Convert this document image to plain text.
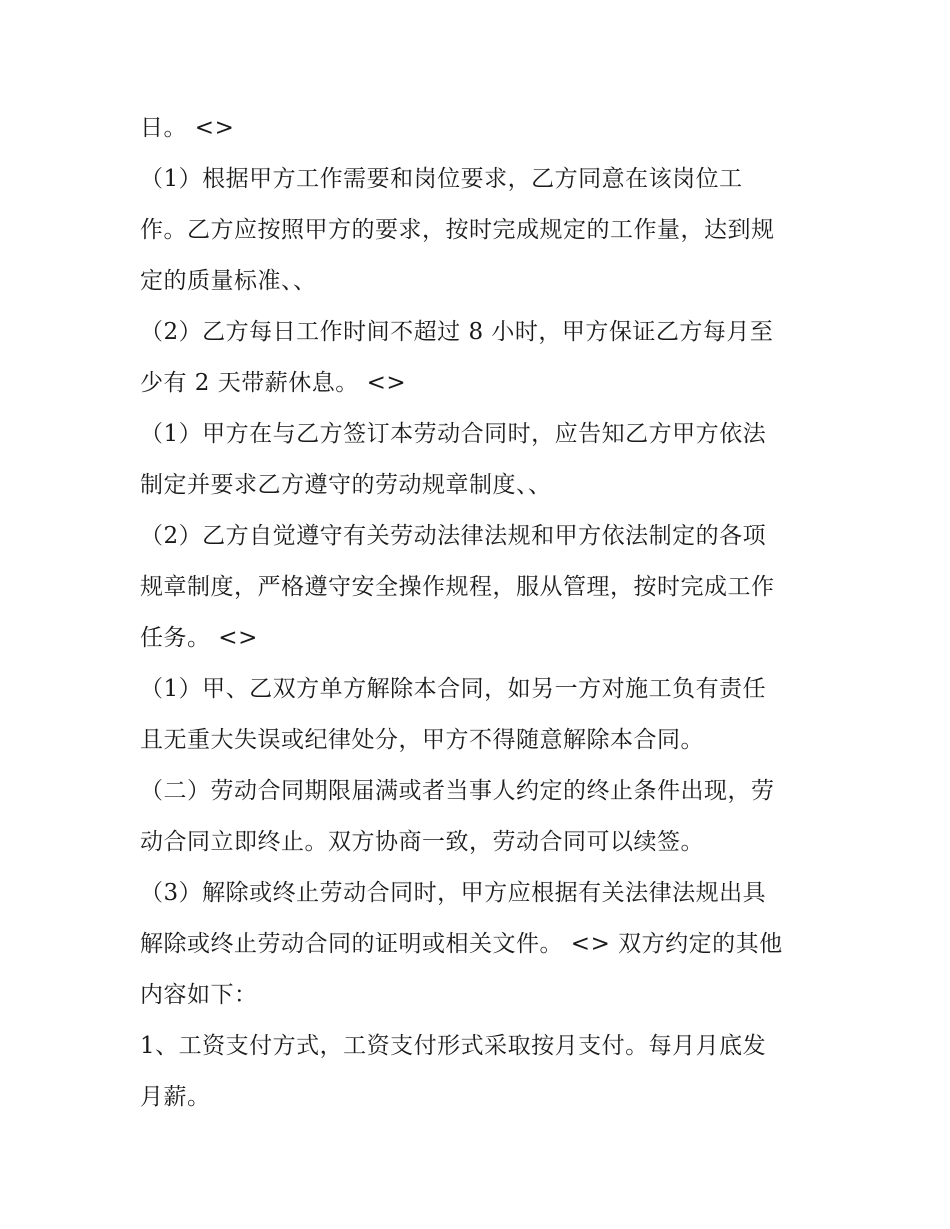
日。 <>
（1）根据甲方工作需要和岗位要求，乙方同意在该岗位工
作。乙方应按照甲方的要求，按时完成规定的工作量，达到规
定的质量标准、、
（2）乙方每日工作时间不超过 8 小时，甲方保证乙方每月至
少有 2 天带薪休息。 <>
（1）甲方在与乙方签订本劳动合同时，应告知乙方甲方依法
制定并要求乙方遵守的劳动规章制度、、
（2）乙方自觉遵守有关劳动法律法规和甲方依法制定的各项
规章制度，严格遵守安全操作规程，服从管理，按时完成工作
任务。 <>
（1）甲、乙双方单方解除本合同，如另一方对施工负有责任
且无重大失误或纪律处分，甲方不得随意解除本合同。
（二）劳动合同期限届满或者当事人约定的终止条件出现，劳
动合同立即终止。双方协商一致，劳动合同可以续签。
（3）解除或终止劳动合同时，甲方应根据有关法律法规出具
解除或终止劳动合同的证明或相关文件。 <> 双方约定的其他
内容如下：
1、工资支付方式，工资支付形式采取按月支付。每月月底发
月薪。
